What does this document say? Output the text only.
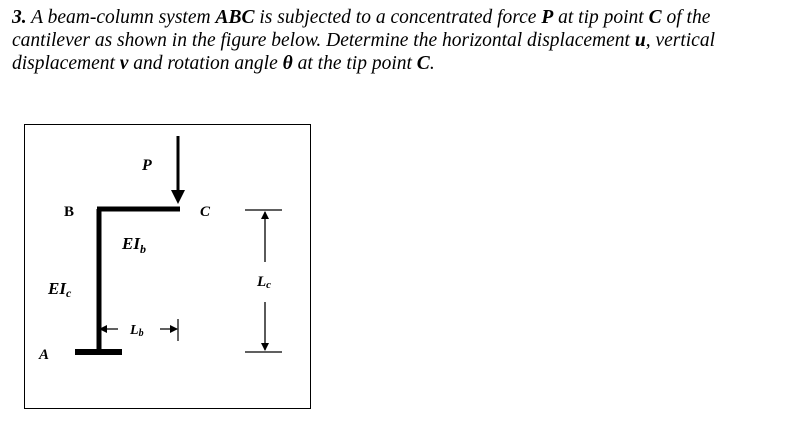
3. A beam-column system ABC is subjected to a concentrated force P at tip point C of the cantilever as shown in the figure below. Determine the horizontal displacement u, vertical displacement v and rotation angle θ at the tip point C.
P
B	C
A
$EI_b$
EIc
Lb
Lc
